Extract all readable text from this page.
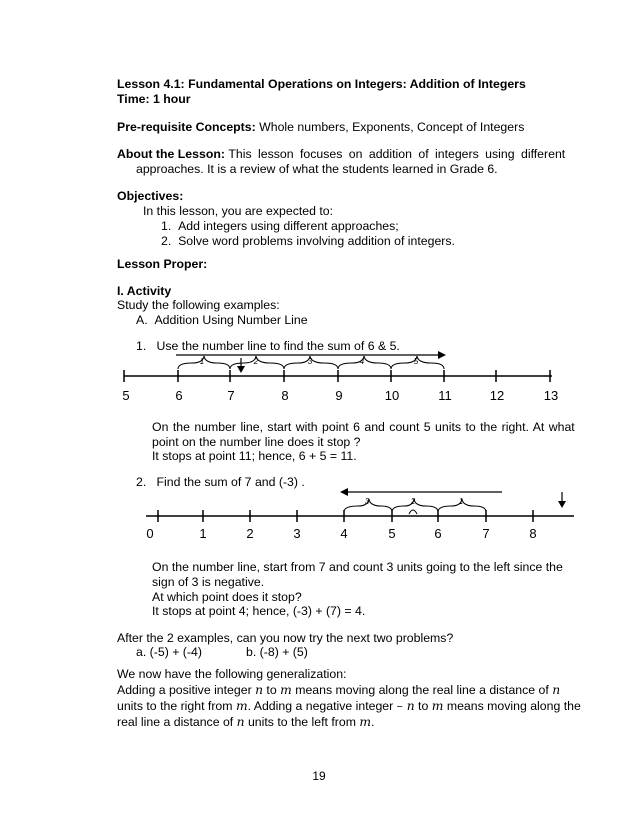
Lesson 4.1: Fundamental Operations on Integers: Addition of Integers
Time: 1 hour
Pre-requisite Concepts: Whole numbers, Exponents, Concept of Integers
About the Lesson: This lesson focuses on addition of integers using different
approaches. It is a review of what the students learned in Grade 6.
Objectives:
In this lesson, you are expected to:
1. Add integers using different approaches;
2. Solve word problems involving addition of integers.
Lesson Proper:
I. Activity
Study the following examples:
A. Addition Using Number Line
1. Use the number line to find the sum of 6 & 5.
1	2	3	4	5
5	6	7	8	9	10	11	12	13
3	2	1
0	1	2	3	4	5	6	7	8
On the number line, start with point 6 and count 5 units to the right. At what
point on the number line does it stop ?
It stops at point 11; hence, 6 + 5 = 11.
2. Find the sum of 7 and (-3) .
On the number line, start from 7 and count 3 units going to the left since the
sign of 3 is negative.
At which point does it stop?
It stops at point 4; hence, (-3) + (7) = 4.
After the 2 examples, can you now try the next two problems?
a. (-5) + (-4)	b. (-8) + (5)
We now have the following generalization:
Adding a positive integer n to m means moving along the real line a distance of n
units to the right from m. Adding a negative integer – n to m means moving along the
real line a distance of n units to the left from m.
19
